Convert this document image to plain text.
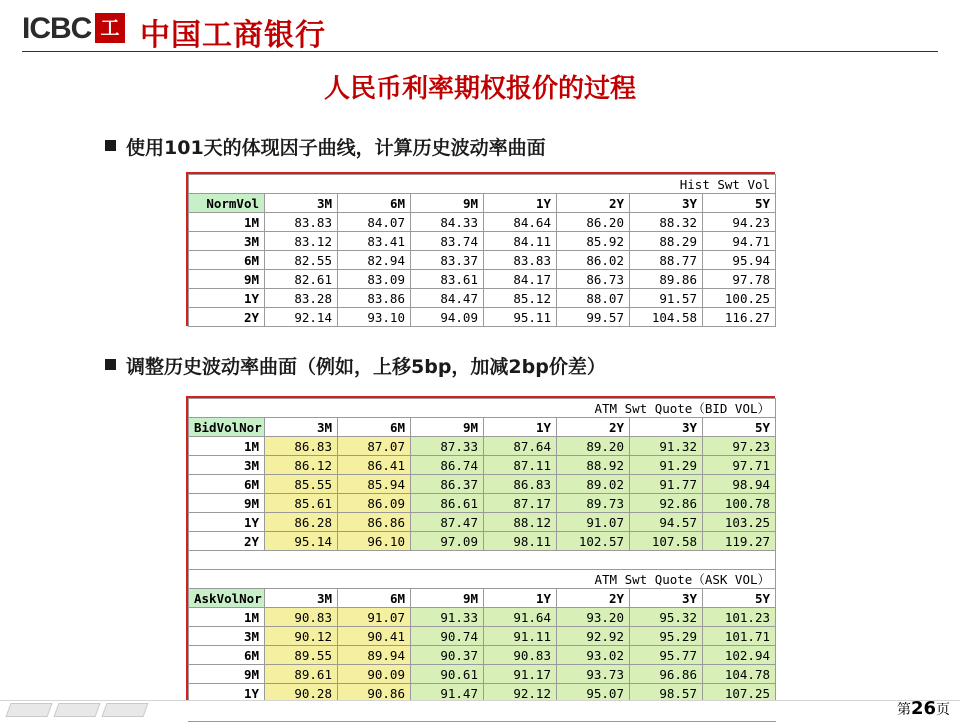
ICBC 工 中国工商银行
人民币利率期权报价的过程
使用101天的体现因子曲线，计算历史波动率曲面
Hist Swt Vol							
NormVol	3M	6M	9M	1Y	2Y	3Y	5Y
1M	83.83	84.07	84.33	84.64	86.20	88.32	94.23
3M	83.12	83.41	83.74	84.11	85.92	88.29	94.71
6M	82.55	82.94	83.37	83.83	86.02	88.77	95.94
9M	82.61	83.09	83.61	84.17	86.73	89.86	97.78
1Y	83.28	83.86	84.47	85.12	88.07	91.57	100.25
2Y	92.14	93.10	94.09	95.11	99.57	104.58	116.27
调整历史波动率曲面（例如，上移5bp，加减2bp价差）
ATM Swt Quote（BID VOL）							
BidVolNor	3M	6M	9M	1Y	2Y	3Y	5Y
1M	86.83	87.07	87.33	87.64	89.20	91.32	97.23
3M	86.12	86.41	86.74	87.11	88.92	91.29	97.71
6M	85.55	85.94	86.37	86.83	89.02	91.77	98.94
9M	85.61	86.09	86.61	87.17	89.73	92.86	100.78
1Y	86.28	86.86	87.47	88.12	91.07	94.57	103.25
2Y	95.14	96.10	97.09	98.11	102.57	107.58	119.27

ATM Swt Quote（ASK VOL）							
AskVolNor	3M	6M	9M	1Y	2Y	3Y	5Y
1M	90.83	91.07	91.33	91.64	93.20	95.32	101.23
3M	90.12	90.41	90.74	91.11	92.92	95.29	101.71
6M	89.55	89.94	90.37	90.83	93.02	95.77	102.94
9M	89.61	90.09	90.61	91.17	93.73	96.86	104.78
1Y	90.28	90.86	91.47	92.12	95.07	98.57	107.25

第26页
